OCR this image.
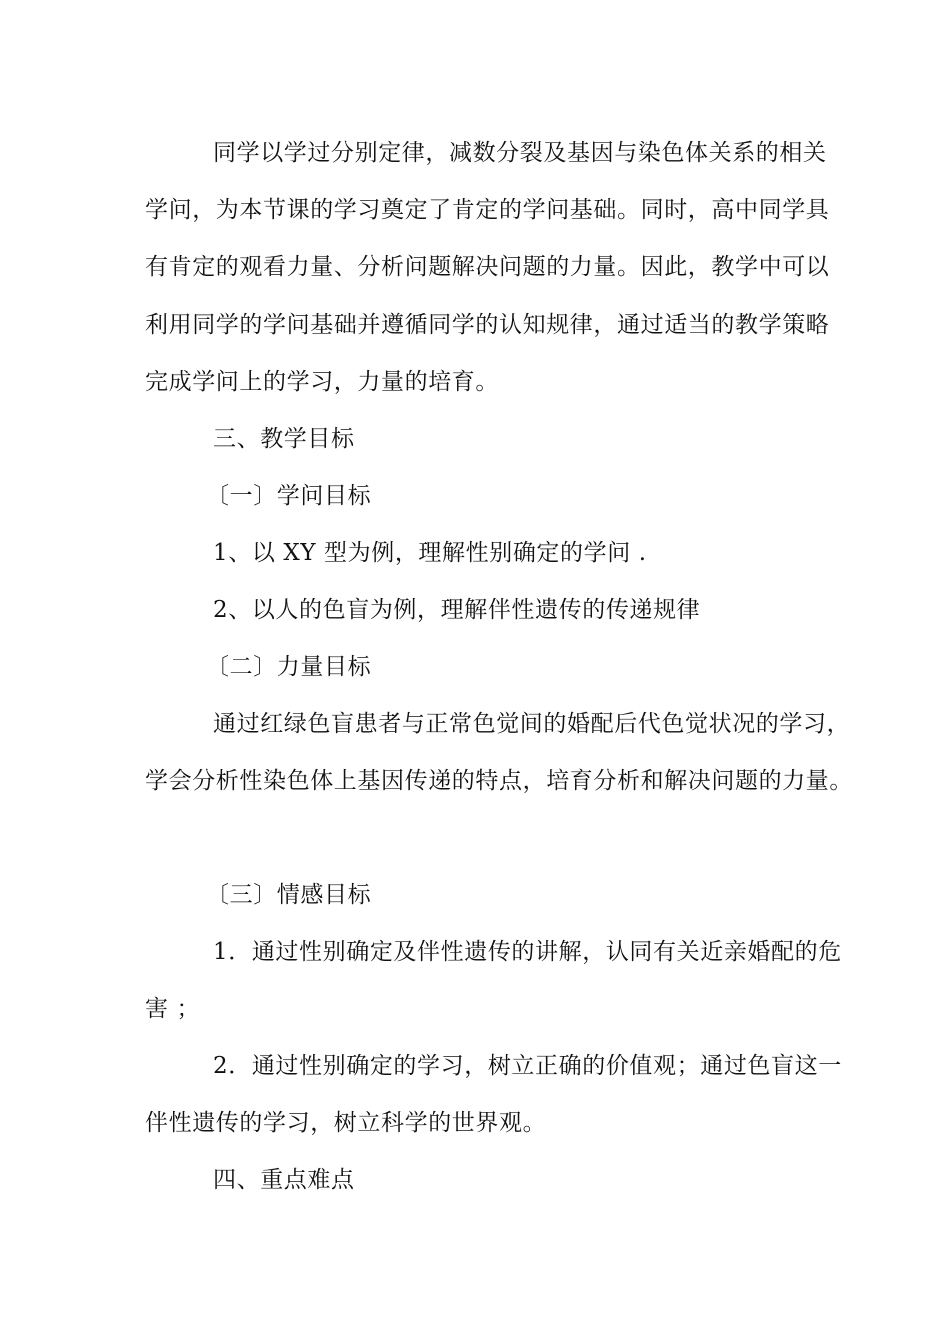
同学以学过分别定律，减数分裂及基因与染色体关系的相关
学问，为本节课的学习奠定了肯定的学问基础。同时，高中同学具
有肯定的观看力量、分析问题解决问题的力量。因此，教学中可以
利用同学的学问基础并遵循同学的认知规律，通过适当的教学策略
完成学问上的学习，力量的培育。
三、教学目标
〔一〕学问目标
1、以 XY 型为例，理解性别确定的学问 .
2、以人的色盲为例，理解伴性遗传的传递规律
〔二〕力量目标
通过红绿色盲患者与正常色觉间的婚配后代色觉状况的学习，
学会分析性染色体上基因传递的特点，培育分析和解决问题的力量。
〔三〕情感目标
1．通过性别确定及伴性遗传的讲解，认同有关近亲婚配的危
害 ；
2．通过性别确定的学习，树立正确的价值观；通过色盲这一
伴性遗传的学习，树立科学的世界观。
四、重点难点
